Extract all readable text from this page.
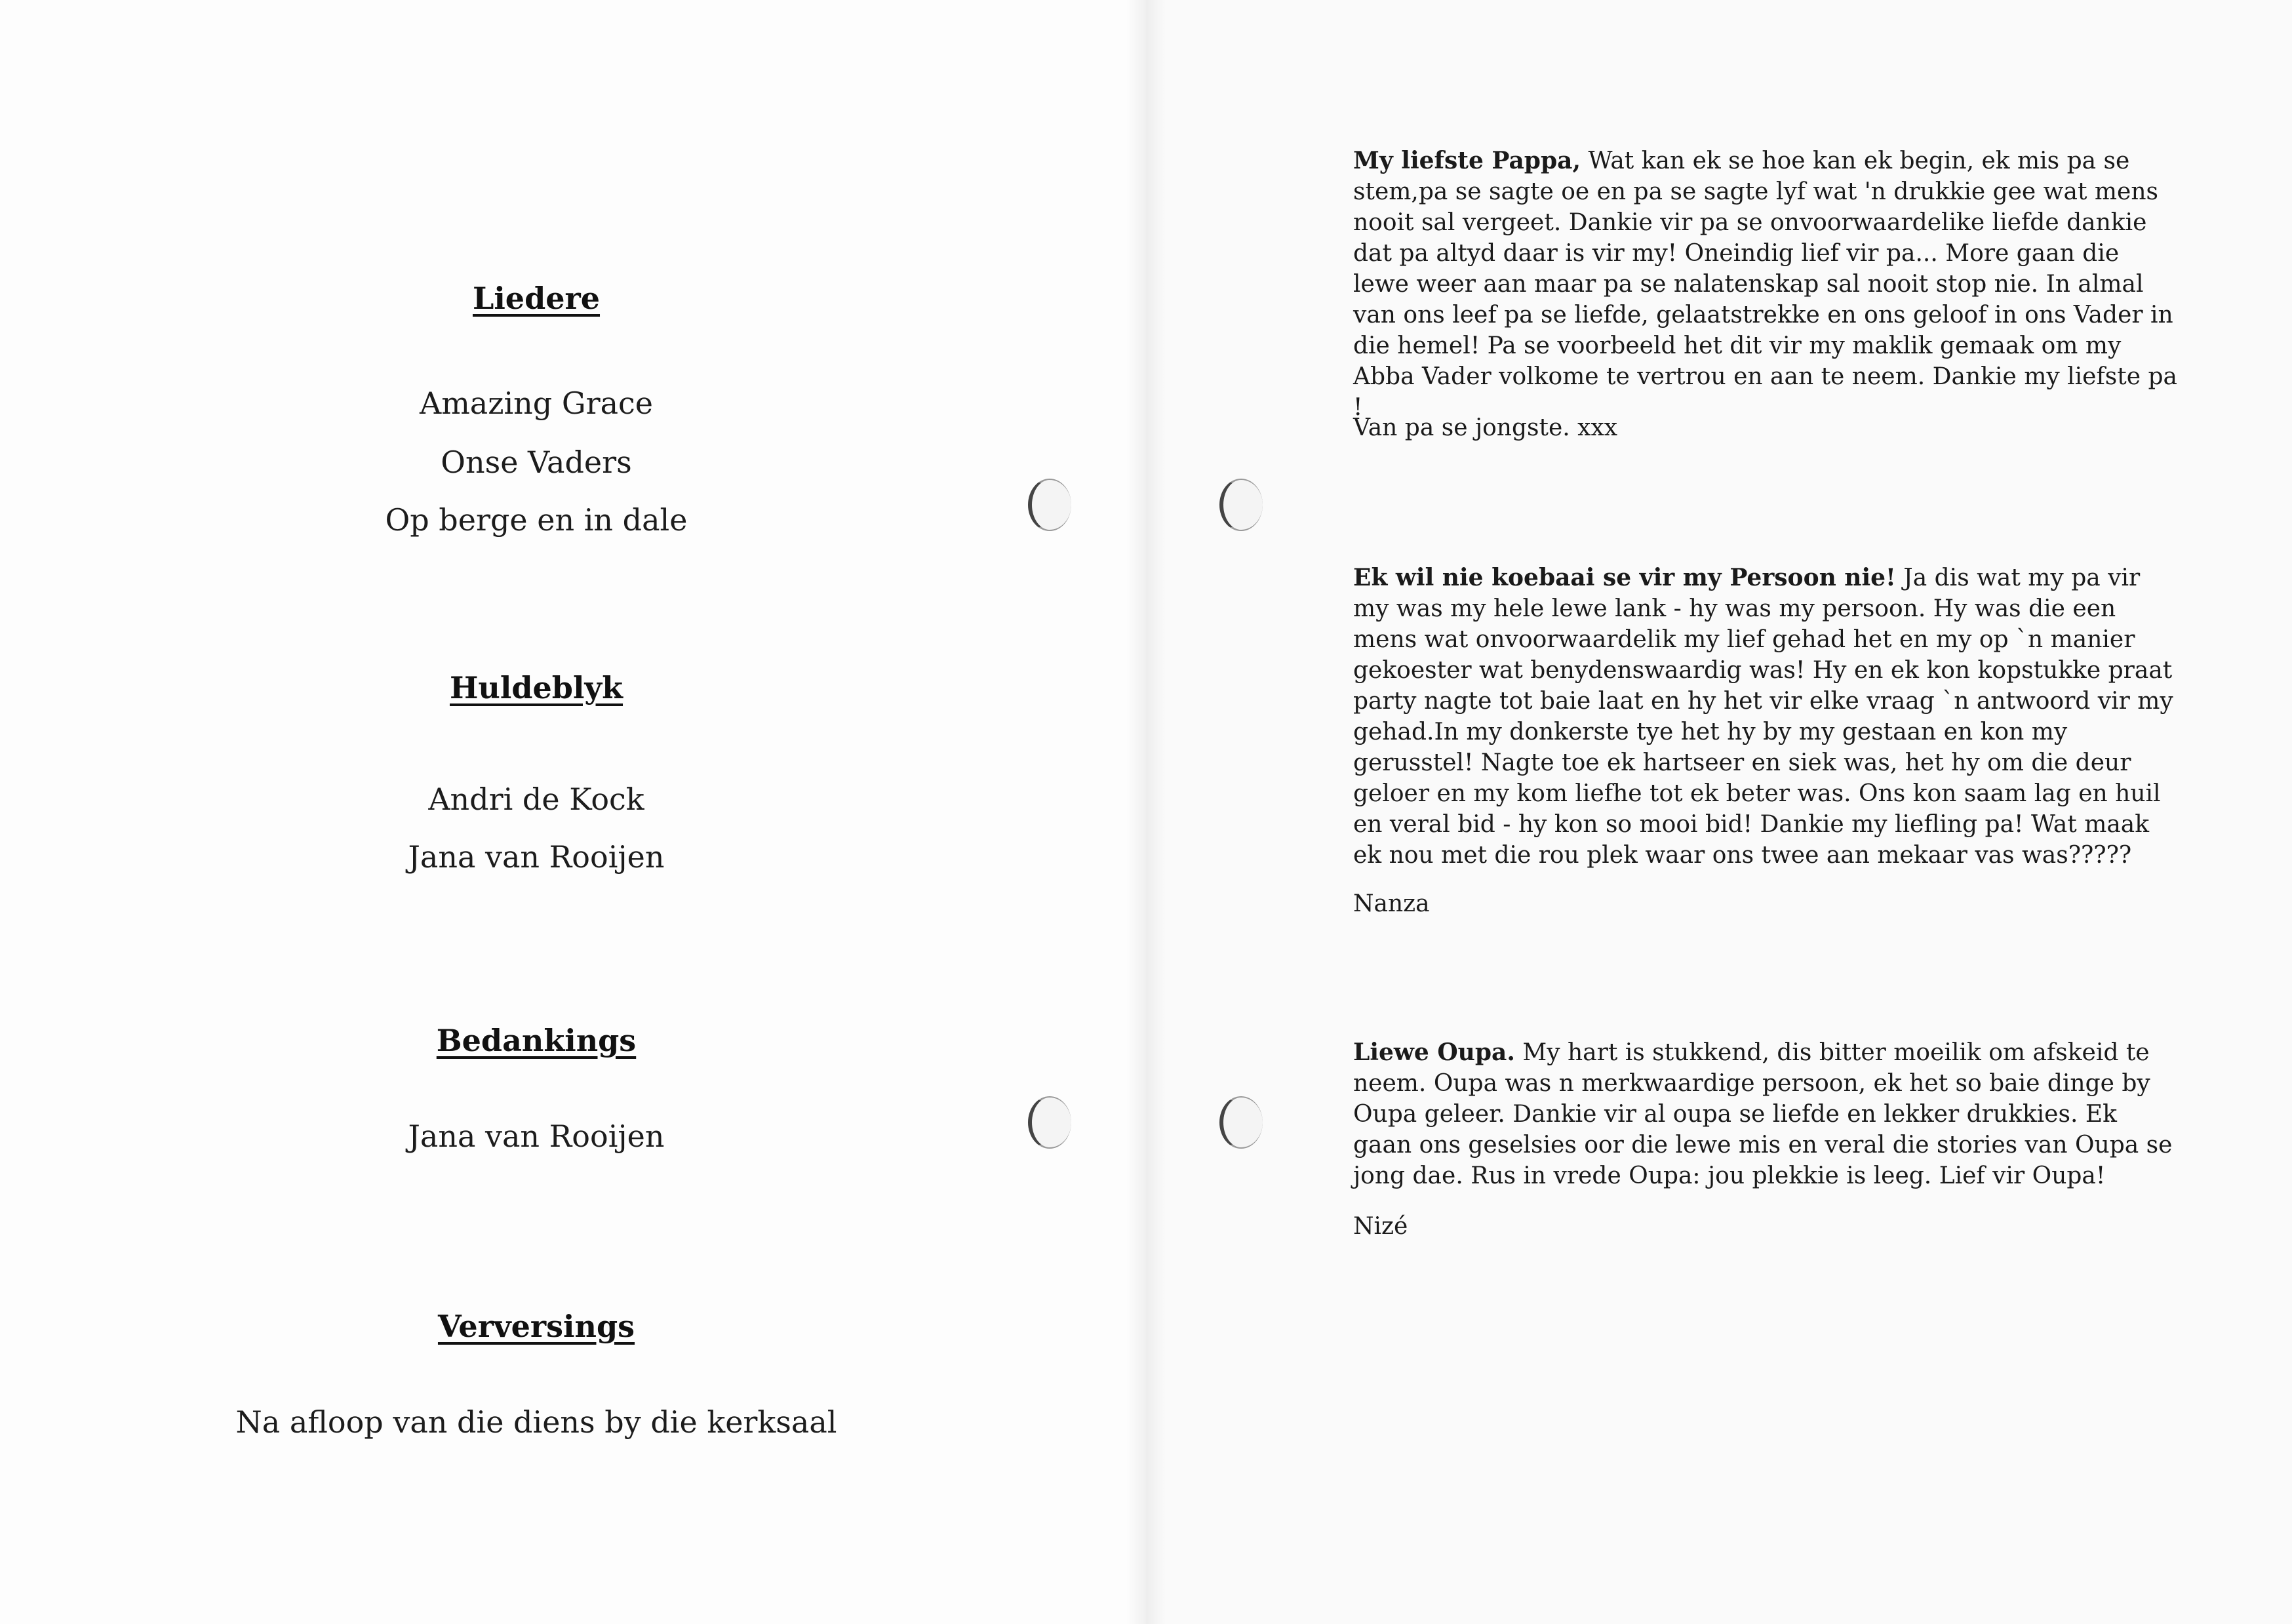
Liedere
Amazing Grace
Onse Vaders
Op berge en in dale
Huldeblyk
Andri de Kock
Jana van Rooijen
Bedankings
Jana van Rooijen
Verversings
Na afloop van die diens by die kerksaal
My liefste Pappa, Wat kan ek se hoe kan ek begin, ek mis pa se stem,pa se sagte oe en pa se sagte lyf wat 'n drukkie gee wat mens nooit sal vergeet. Dankie vir pa se onvoorwaardelike liefde dankie dat pa altyd daar is vir my! Oneindig lief vir pa... More gaan die lewe weer aan maar pa se nalatenskap sal nooit stop nie. In almal van ons leef pa se liefde, gelaatstrekke en ons geloof in ons Vader in die hemel! Pa se voorbeeld het dit vir my maklik gemaak om my Abba Vader volkome te vertrou en aan te neem. Dankie my liefste pa !
Van pa se jongste. xxx
Ek wil nie koebaai se vir my Persoon nie! Ja dis wat my pa vir my was my hele lewe lank - hy was my persoon. Hy was die een mens wat onvoorwaardelik my lief gehad het en my op `n manier gekoester wat benydenswaardig was! Hy en ek kon kopstukke praat party nagte tot baie laat en hy het vir elke vraag `n antwoord vir my gehad.In my donkerste tye het hy by my gestaan en kon my gerusstel! Nagte toe ek hartseer en siek was, het hy om die deur geloer en my kom liefhe tot ek beter was. Ons kon saam lag en huil en veral bid - hy kon so mooi bid! Dankie my liefling pa! Wat maak ek nou met die rou plek waar ons twee aan mekaar vas was?????
Nanza
Liewe Oupa. My hart is stukkend, dis bitter moeilik om afskeid te neem. Oupa was n merkwaardige persoon, ek het so baie dinge by Oupa geleer. Dankie vir al oupa se liefde en lekker drukkies. Ek gaan ons geselsies oor die lewe mis en veral die stories van Oupa se jong dae. Rus in vrede Oupa: jou plekkie is leeg. Lief vir Oupa!
Nizé
